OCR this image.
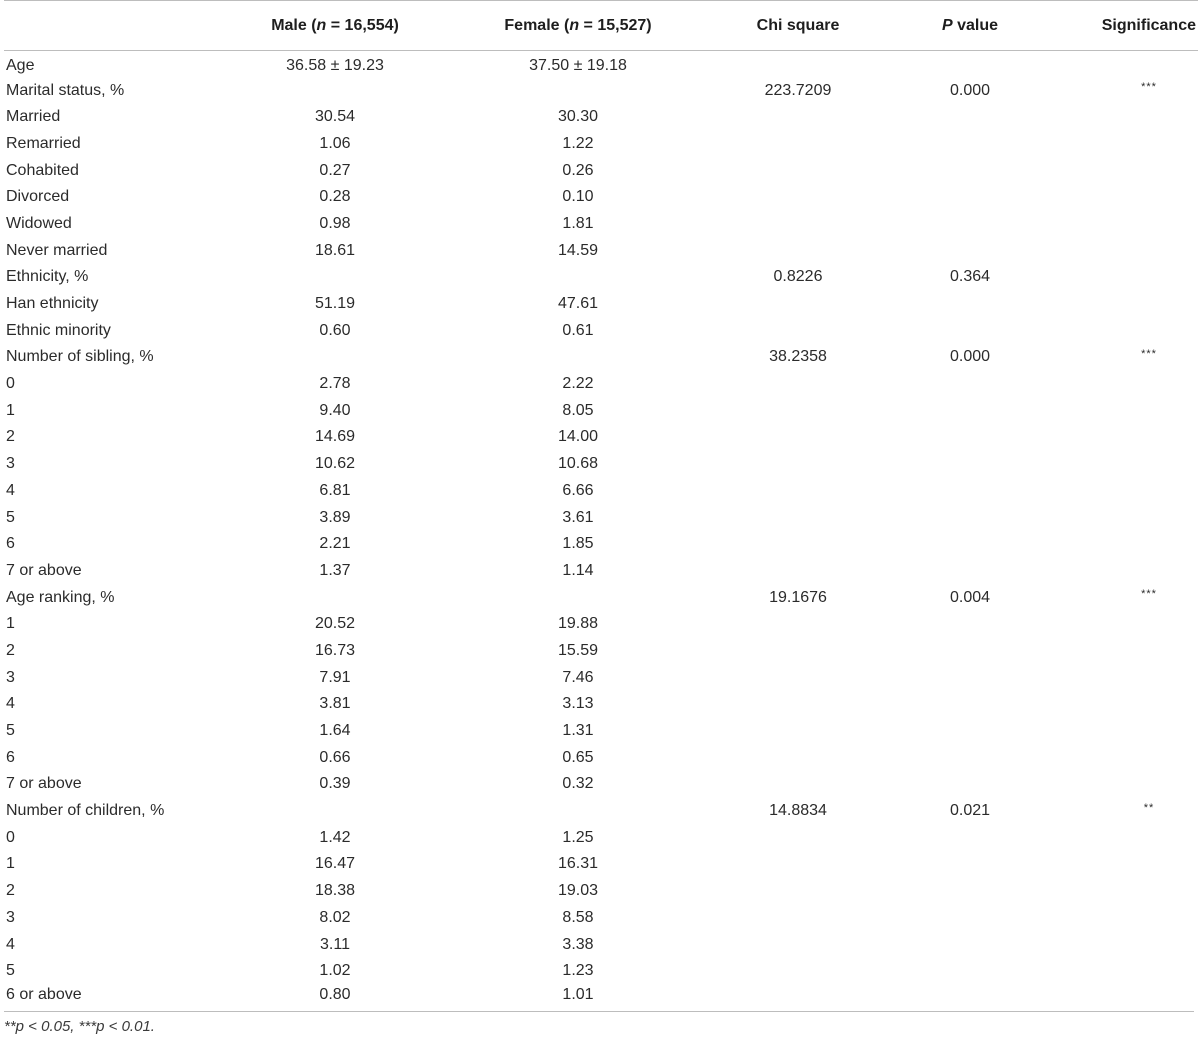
	Male (n = 16,554)	Female (n = 15,527)	Chi square	P value	Significance
Age	36.58 ± 19.23	37.50 ± 19.18			
Marital status, %			223.7209	0.000	***
Married	30.54	30.30			
Remarried	1.06	1.22			
Cohabited	0.27	0.26			
Divorced	0.28	0.10			
Widowed	0.98	1.81			
Never married	18.61	14.59			
Ethnicity, %			0.8226	0.364	
Han ethnicity	51.19	47.61			
Ethnic minority	0.60	0.61			
Number of sibling, %			38.2358	0.000	***
0	2.78	2.22			
1	9.40	8.05			
2	14.69	14.00			
3	10.62	10.68			
4	6.81	6.66			
5	3.89	3.61			
6	2.21	1.85			
7 or above	1.37	1.14			
Age ranking, %			19.1676	0.004	***
1	20.52	19.88			
2	16.73	15.59			
3	7.91	7.46			
4	3.81	3.13			
5	1.64	1.31			
6	0.66	0.65			
7 or above	0.39	0.32			
Number of children, %			14.8834	0.021	**
0	1.42	1.25			
1	16.47	16.31			
2	18.38	19.03			
3	8.02	8.58			
4	3.11	3.38			
5	1.02	1.23			
6 or above	0.80	1.01			
**p < 0.05, ***p < 0.01.
